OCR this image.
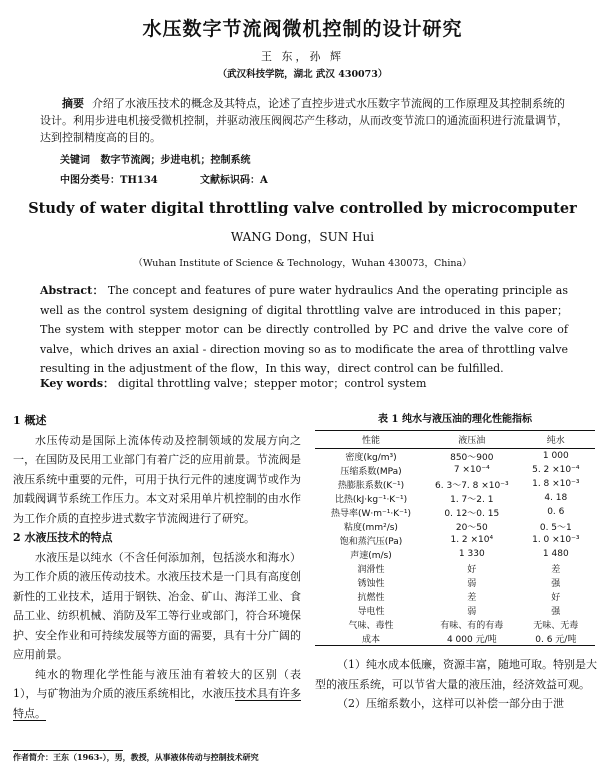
水压数字节流阀微机控制的设计研究
王 东，孙 辉
（武汉科技学院，湖北 武汉 430073）
摘要 介绍了水液压技术的概念及其特点，论述了直控步进式水压数字节流阀的工作原理及其控制系统的设计。利用步进电机接受微机控制，并驱动液压阀阀芯产生移动，从而改变节流口的通流面积进行流量调节，达到控制精度高的目的。
关键词 数字节流阀；步进电机；控制系统
中图分类号：TH134	文献标识码：A
Study of water digital throttling valve controlled by microcomputer
WANG Dong，SUN Hui
（Wuhan Institute of Science & Technology，Wuhan 430073，China）
Abstract： The concept and features of pure water hydraulics And the operating principle as well as the control system designing of digital throttling valve are introduced in this paper； The system with stepper motor can be directly controlled by PC and drive the valve core of valve，which drives an axial - direction moving so as to modificate the area of throttling valve resulting in the adjustment of the flow，In this way，direct control can be fulfilled.
Key words： digital throttling valve；stepper motor；control system
1 概述

水压传动是国际上流体传动及控制领域的发展方向之一，在国防及民用工业部门有着广泛的应用前景。节流阀是液压系统中重要的元件，可用于执行元件的速度调节或作为加载阀调节系统工作压力。本文对采用单片机控制的由水作为工作介质的直控步进式数字节流阀进行了研究。

2 水液压技术的特点

水液压是以纯水（不含任何添加剂，包括淡水和海水）为工作介质的液压传动技术。水液压技术是一门具有高度创新性的工业技术，适用于钢铁、冶金、矿山、海洋工业、食品工业、纺织机械、消防及军工等行业或部门，符合环境保护、安全作业和可持续发展等方面的需要，具有十分广阔的应用前景。

纯水的物理化学性能与液压油有着较大的区别（表 1），与矿物油为介质的液压系统相比，水液压技术具有许多特点。

表 1 纯水与液压油的理化性能指标
性能	液压油	纯水
密度(kg/m³)	850～900	1 000
压缩系数(MPa)	7 ×10⁻⁴	5. 2 ×10⁻⁴
热膨胀系数(K⁻¹)	6. 3～7. 8 ×10⁻³	1. 8 ×10⁻³
比热(kJ·kg⁻¹·K⁻¹)	1. 7～2. 1	4. 18
热导率(W·m⁻¹·K⁻¹)	0. 12～0. 15	0. 6
粘度(mm²/s)	20～50	0. 5～1
饱和蒸汽压(Pa)	1. 2 ×10⁴	1. 0 ×10⁻³
声速(m/s)	1 330	1 480
润滑性	好	差
锈蚀性	弱	强
抗燃性	差	好
导电性	弱	强
气味、毒性	有味、有的有毒	无味、无毒
成本	4 000 元/吨	0. 6 元/吨

（1）纯水成本低廉，资源丰富，随地可取。特别是大型的液压系统，可以节省大量的液压油，经济效益可观。

（2）压缩系数小，这样可以补偿一部分由于泄

作者简介：王东（1963-），男，教授，从事液体传动与控制技术研究
